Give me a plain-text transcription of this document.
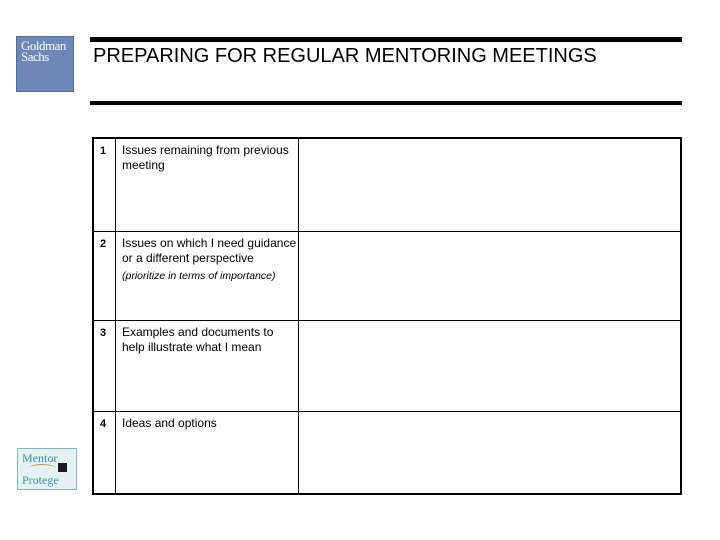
Goldman
Sachs PREPARING FOR REGULAR MENTORING MEETINGS
1 Issues remaining from previous meeting
2 Issues on which I need guidance or a different perspective
(prioritize in terms of importance)
3 Examples and documents to help illustrate what I mean
4 Ideas and options
Mentor
Protege
